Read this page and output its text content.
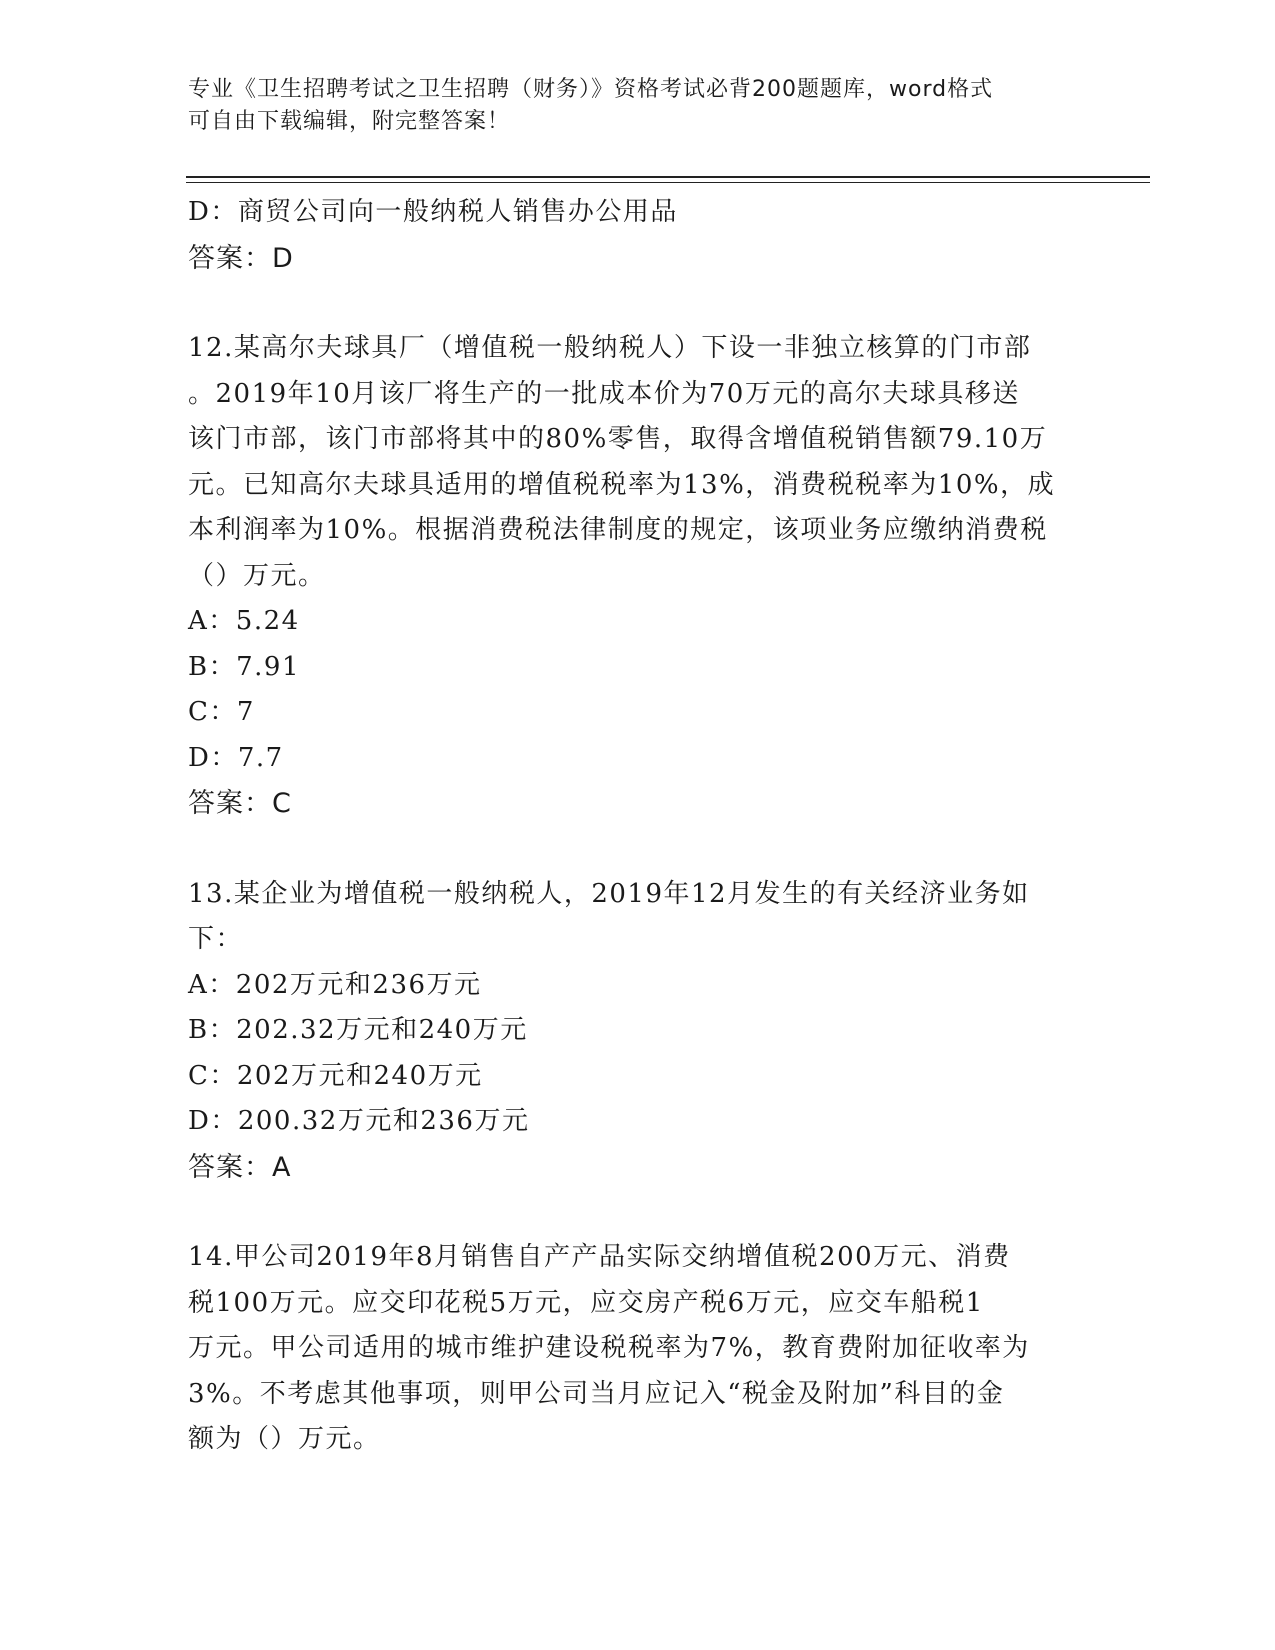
专业《卫生招聘考试之卫生招聘（财务）》资格考试必背200题题库，word格式
可自由下载编辑，附完整答案！
D：商贸公司向一般纳税人销售办公用品
答案：D
12.某高尔夫球具厂（增值税一般纳税人）下设一非独立核算的门市部
。2019年10月该厂将生产的一批成本价为70万元的高尔夫球具移送
该门市部，该门市部将其中的80%零售，取得含增值税销售额79.10万
元。已知高尔夫球具适用的增值税税率为13%，消费税税率为10%，成
本利润率为10%。根据消费税法律制度的规定，该项业务应缴纳消费税
（）万元。
A：5.24
B：7.91
C：7
D：7.7
答案：C
13.某企业为增值税一般纳税人，2019年12月发生的有关经济业务如
下：
A：202万元和236万元
B：202.32万元和240万元
C：202万元和240万元
D：200.32万元和236万元
答案：A
14.甲公司2019年8月销售自产产品实际交纳增值税200万元、消费
税100万元。应交印花税5万元，应交房产税6万元，应交车船税1
万元。甲公司适用的城市维护建设税税率为7%，教育费附加征收率为
3%。不考虑其他事项，则甲公司当月应记入“税金及附加”科目的金
额为（）万元。
